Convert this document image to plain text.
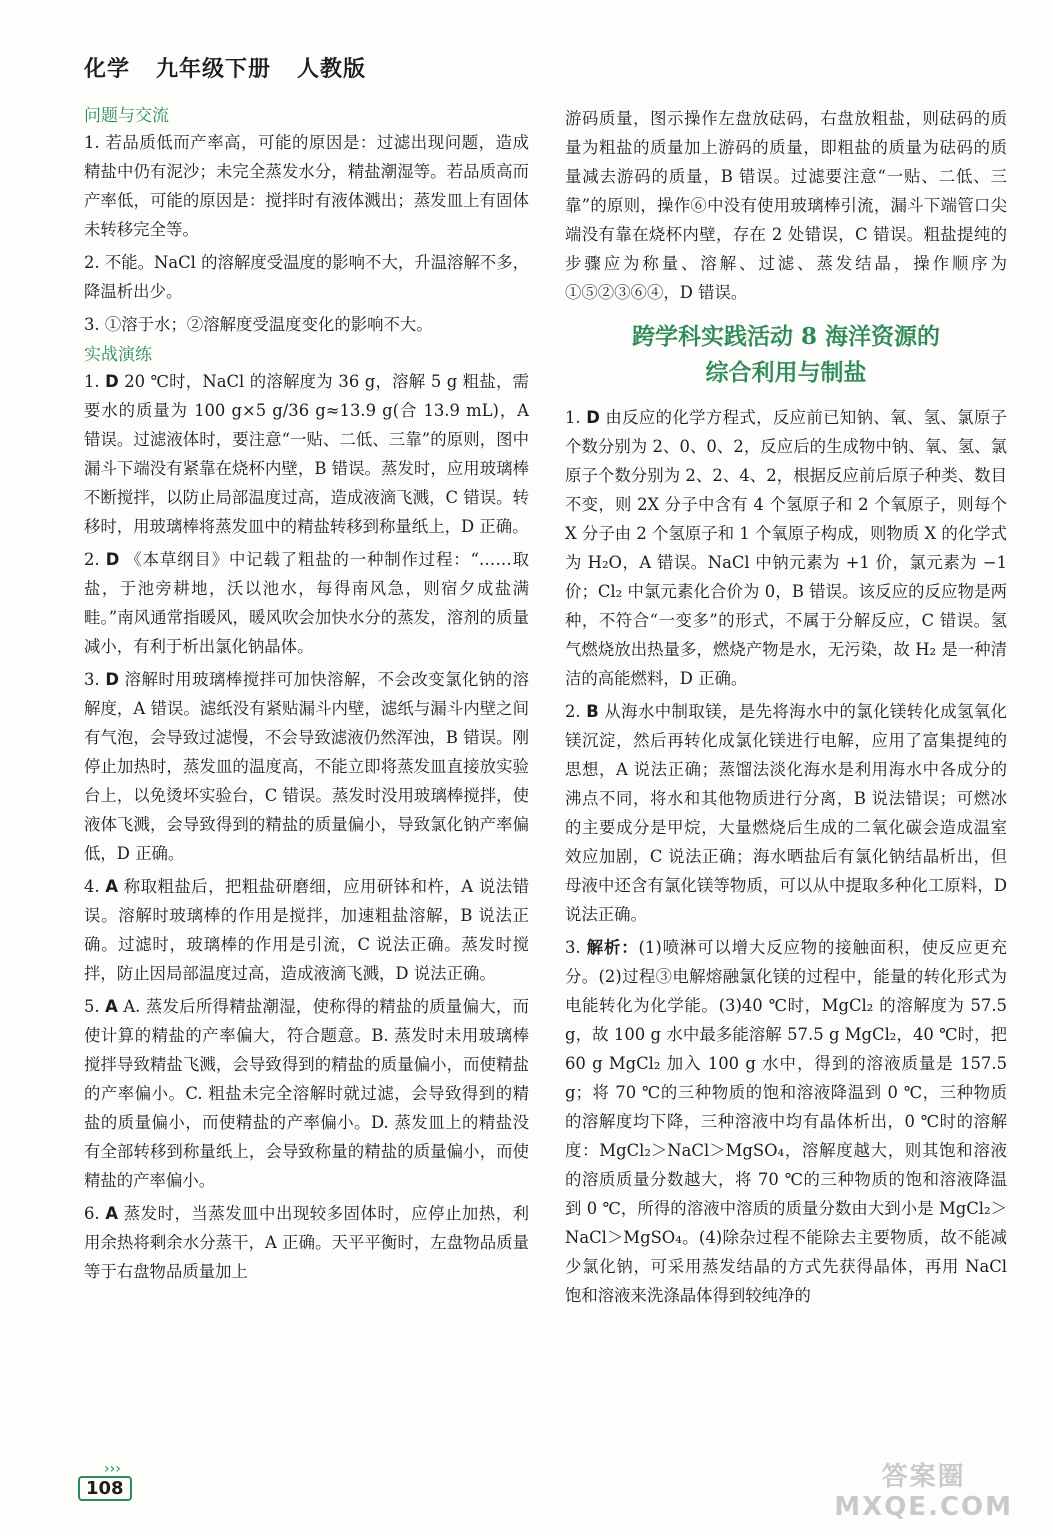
化学   九年级下册   人教版

问题与交流

1. 若品质低而产率高，可能的原因是：过滤出现问题，造成精盐中仍有泥沙；未完全蒸发水分，精盐潮湿等。若品质高而产率低，可能的原因是：搅拌时有液体溅出；蒸发皿上有固体未转移完全等。

2. 不能。NaCl 的溶解度受温度的影响不大，升温溶解不多，降温析出少。

3. ①溶于水；②溶解度受温度变化的影响不大。

实战演练

1. D 20 ℃时，NaCl 的溶解度为 36 g，溶解 5 g 粗盐，需要水的质量为 100 g×5 g/36 g≈13.9 g(合 13.9 mL)，A 错误。过滤液体时，要注意“一贴、二低、三靠”的原则，图中漏斗下端没有紧靠在烧杯内壁，B 错误。蒸发时，应用玻璃棒不断搅拌，以防止局部温度过高，造成液滴飞溅，C 错误。转移时，用玻璃棒将蒸发皿中的精盐转移到称量纸上，D 正确。

2. D 《本草纲目》中记载了粗盐的一种制作过程：“……取盐，于池旁耕地，沃以池水，每得南风急，则宿夕成盐满畦。”南风通常指暖风，暖风吹会加快水分的蒸发，溶剂的质量减小，有利于析出氯化钠晶体。

3. D 溶解时用玻璃棒搅拌可加快溶解，不会改变氯化钠的溶解度，A 错误。滤纸没有紧贴漏斗内壁，滤纸与漏斗内壁之间有气泡，会导致过滤慢，不会导致滤液仍然浑浊，B 错误。刚停止加热时，蒸发皿的温度高，不能立即将蒸发皿直接放实验台上，以免烫坏实验台，C 错误。蒸发时没用玻璃棒搅拌，使液体飞溅，会导致得到的精盐的质量偏小，导致氯化钠产率偏低，D 正确。

4. A 称取粗盐后，把粗盐研磨细，应用研钵和杵，A 说法错误。溶解时玻璃棒的作用是搅拌，加速粗盐溶解，B 说法正确。过滤时，玻璃棒的作用是引流，C 说法正确。蒸发时搅拌，防止因局部温度过高，造成液滴飞溅，D 说法正确。

5. A A. 蒸发后所得精盐潮湿，使称得的精盐的质量偏大，而使计算的精盐的产率偏大，符合题意。B. 蒸发时未用玻璃棒搅拌导致精盐飞溅，会导致得到的精盐的质量偏小，而使精盐的产率偏小。C. 粗盐未完全溶解时就过滤，会导致得到的精盐的质量偏小，而使精盐的产率偏小。D. 蒸发皿上的精盐没有全部转移到称量纸上，会导致称量的精盐的质量偏小，而使精盐的产率偏小。

6. A 蒸发时，当蒸发皿中出现较多固体时，应停止加热，利用余热将剩余水分蒸干，A 正确。天平平衡时，左盘物品质量等于右盘物品质量加上

游码质量，图示操作左盘放砝码，右盘放粗盐，则砝码的质量为粗盐的质量加上游码的质量，即粗盐的质量为砝码的质量减去游码的质量，B 错误。过滤要注意“一贴、二低、三靠”的原则，操作⑥中没有使用玻璃棒引流，漏斗下端管口尖端没有靠在烧杯内壁，存在 2 处错误，C 错误。粗盐提纯的步骤应为称量、溶解、过滤、蒸发结晶，操作顺序为①⑤②③⑥④，D 错误。

跨学科实践活动 8 海洋资源的
综合利用与制盐

1. D 由反应的化学方程式，反应前已知钠、氧、氢、氯原子个数分别为 2、0、0、2，反应后的生成物中钠、氧、氢、氯原子个数分别为 2、2、4、2，根据反应前后原子种类、数目不变，则 2X 分子中含有 4 个氢原子和 2 个氧原子，则每个 X 分子由 2 个氢原子和 1 个氧原子构成，则物质 X 的化学式为 H₂O，A 错误。NaCl 中钠元素为 +1 价，氯元素为 −1 价；Cl₂ 中氯元素化合价为 0，B 错误。该反应的反应物是两种，不符合“一变多”的形式，不属于分解反应，C 错误。氢气燃烧放出热量多，燃烧产物是水，无污染，故 H₂ 是一种清洁的高能燃料，D 正确。

2. B 从海水中制取镁，是先将海水中的氯化镁转化成氢氧化镁沉淀，然后再转化成氯化镁进行电解，应用了富集提纯的思想，A 说法正确；蒸馏法淡化海水是利用海水中各成分的沸点不同，将水和其他物质进行分离，B 说法错误；可燃冰的主要成分是甲烷，大量燃烧后生成的二氧化碳会造成温室效应加剧，C 说法正确；海水晒盐后有氯化钠结晶析出，但母液中还含有氯化镁等物质，可以从中提取多种化工原料，D 说法正确。

3. 解析：(1)喷淋可以增大反应物的接触面积，使反应更充分。(2)过程③电解熔融氯化镁的过程中，能量的转化形式为电能转化为化学能。(3)40 ℃时，MgCl₂ 的溶解度为 57.5 g，故 100 g 水中最多能溶解 57.5 g MgCl₂，40 ℃时，把 60 g MgCl₂ 加入 100 g 水中，得到的溶液质量是 157.5 g；将 70 ℃的三种物质的饱和溶液降温到 0 ℃，三种物质的溶解度均下降，三种溶液中均有晶体析出，0 ℃时的溶解度：MgCl₂＞NaCl＞MgSO₄，溶解度越大，则其饱和溶液的溶质质量分数越大，将 70 ℃的三种物质的饱和溶液降温到 0 ℃，所得的溶液中溶质的质量分数由大到小是 MgCl₂＞NaCl＞MgSO₄。(4)除杂过程不能除去主要物质，故不能减少氯化钠，可采用蒸发结晶的方式先获得晶体，再用 NaCl 饱和溶液来洗涤晶体得到较纯净的

›››
108	答案圈
MXQE.COM
